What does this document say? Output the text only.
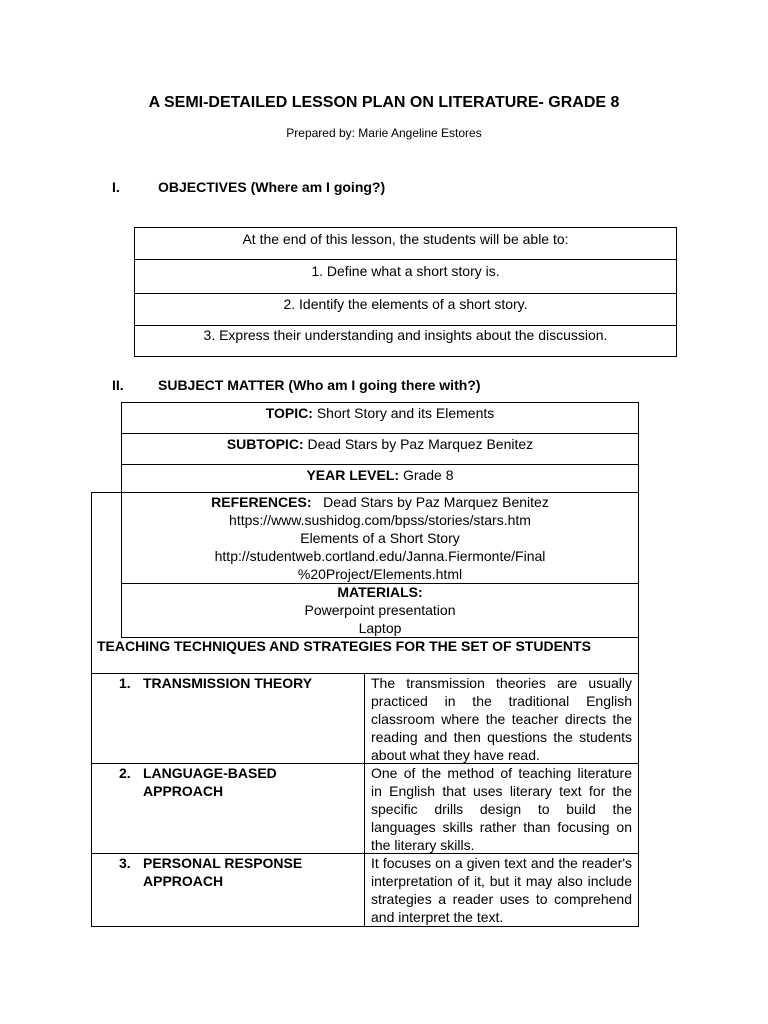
A SEMI-DETAILED LESSON PLAN ON LITERATURE- GRADE 8
Prepared by: Marie Angeline Estores
I.	OBJECTIVES (Where am I going?)
At the end of this lesson, the students will be able to:
1. Define what a short story is.
2. Identify the elements of a short story.
3. Express their understanding and insights about the discussion.
II. SUBJECT MATTER (Who am I going there with?)
TOPIC: Short Story and its Elements
SUBTOPIC: Dead Stars by Paz Marquez Benitez
YEAR LEVEL: Grade 8
REFERENCES: Dead Stars by Paz Marquez Benitez
https://www.sushidog.com/bpss/stories/stars.htm
Elements of a Short Story
http://studentweb.cortland.edu/Janna.Fiermonte/Final
%20Project/Elements.html
MATERIALS:
Powerpoint presentation
Laptop
TEACHING TECHNIQUES AND STRATEGIES FOR THE SET OF STUDENTS
1. TRANSMISSION THEORY	The transmission theories are usually practiced in the traditional English classroom where the teacher directs the reading and then questions the students about what they have read.
2. LANGUAGE-BASED APPROACH
One of the method of teaching literature in English that uses literary text for the specific drills design to build the languages skills rather than focusing on the literary skills.
3. PERSONAL RESPONSE APPROACH
It focuses on a given text and the reader's interpretation of it, but it may also include strategies a reader uses to comprehend and interpret the text.
